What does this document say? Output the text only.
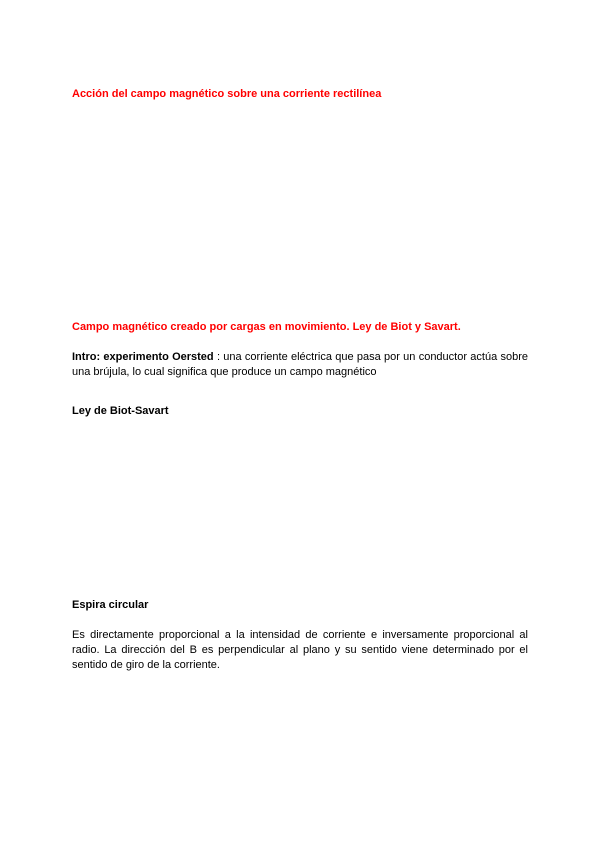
Acción del campo magnético sobre una corriente rectilínea
Campo magnético creado por cargas en movimiento. Ley de Biot y Savart.
Intro: experimento Oersted : una corriente eléctrica que pasa por un conductor actúa sobre una brújula, lo cual significa que produce un campo magnético
Ley de Biot-Savart
Espira circular
Es directamente proporcional a la intensidad de corriente e inversamente proporcional al radio. La dirección del B es perpendicular al plano y su sentido viene determinado por el sentido de giro de la corriente.
